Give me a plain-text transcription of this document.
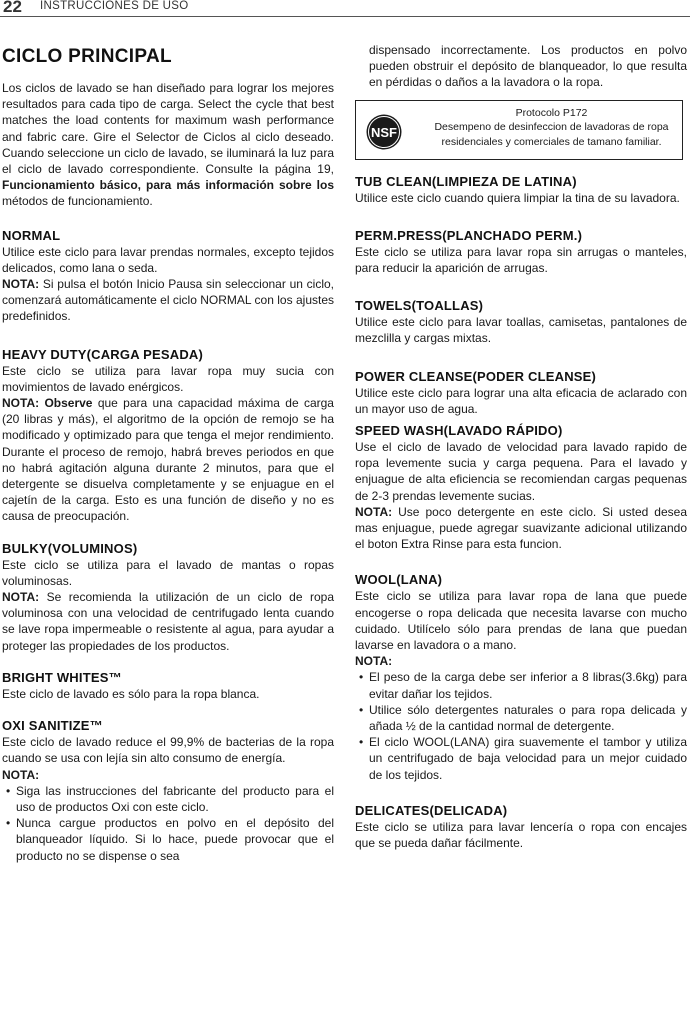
22 INSTRUCCIONES DE USO
CICLO PRINCIPAL

Los ciclos de lavado se han diseñado para lograr los mejores resultados para cada tipo de carga. Select the cycle that best matches the load contents for maximum wash performance and fabric care. Gire el Selector de Ciclos al ciclo deseado. Cuando seleccione un ciclo de lavado, se iluminará la luz para el ciclo de lavado correspondiente. Consulte la página 19, Funcionamiento básico, para más información sobre los métodos de funcionamiento.

NORMAL

Utilice este ciclo para lavar prendas normales, excepto tejidos delicados, como lana o seda.

NOTA: Si pulsa el botón Inicio Pausa sin seleccionar un ciclo, comenzará automáticamente el ciclo NORMAL con los ajustes predefinidos.

HEAVY DUTY(CARGA PESADA)

Este ciclo se utiliza para lavar ropa muy sucia con movimientos de lavado enérgicos.

NOTA: Observe que para una capacidad máxima de carga (20 libras y más), el algoritmo de la opción de remojo se ha modificado y optimizado para que tenga el mejor rendimiento. Durante el proceso de remojo, habrá breves periodos en que no habrá agitación alguna durante 2 minutos, para que el detergente se disuelva completamente y se enjuague en el cajetín de la carga. Esto es una función de diseño y no es causa de preocupación.

BULKY(VOLUMINOS)

Este ciclo se utiliza para el lavado de mantas o ropas voluminosas.

NOTA: Se recomienda la utilización de un ciclo de ropa voluminosa con una velocidad de centrifugado lenta cuando se lave ropa impermeable o resistente al agua, para ayudar a proteger las propiedades de los productos.

BRIGHT WHITES™

Este ciclo de lavado es sólo para la ropa blanca.

OXI SANITIZE™

Este ciclo de lavado reduce el 99,9% de bacterias de la ropa cuando se usa con lejía sin alto consumo de energía.

NOTA:

• Siga las instrucciones del fabricante del producto para el uso de productos Oxi con este ciclo.
• Nunca cargue productos en polvo en el depósito del blanqueador líquido. Si lo hace, puede provocar que el producto no se dispense o sea
dispensado incorrectamente. Los productos en polvo pueden obstruir el depósito de blanqueador, lo que resulta en pérdidas o daños a la lavadora o la ropa.
NSF
Protocolo P172
Desempeno de desinfeccion de lavadoras de ropa residenciales y comerciales de tamano familiar.
TUB CLEAN(LIMPIEZA DE LATINA)

Utilice este ciclo cuando quiera limpiar la tina de su lavadora.

PERM.PRESS(PLANCHADO PERM.)

Este ciclo se utiliza para lavar ropa sin arrugas o manteles, para reducir la aparición de arrugas.

TOWELS(TOALLAS)

Utilice este ciclo para lavar toallas, camisetas, pantalones de mezclilla y cargas mixtas.

POWER CLEANSE(PODER CLEANSE)

Utilice este ciclo para lograr una alta eficacia de aclarado con un mayor uso de agua.

SPEED WASH(LAVADO RÁPIDO)

Use el ciclo de lavado de velocidad para lavado rapido de ropa levemente sucia y carga pequena. Para el lavado y enjuague de alta eficiencia se recomiendan cargas pequenas de 2-3 prendas levemente sucias.

NOTA: Use poco detergente en este ciclo. Si usted desea mas enjuague, puede agregar suavizante adicional utilizando el boton Extra Rinse para esta funcion.

WOOL(LANA)

Este ciclo se utiliza para lavar ropa de lana que puede encogerse o ropa delicada que necesita lavarse con mucho cuidado. Utilícelo sólo para prendas de lana que puedan lavarse en lavadora o a mano.

NOTA:

• El peso de la carga debe ser inferior a 8 libras(3.6kg) para evitar dañar los tejidos.
• Utilice sólo detergentes naturales o para ropa delicada y añada ½ de la cantidad normal de detergente.
• El ciclo WOOL(LANA) gira suavemente el tambor y utiliza un centrifugado de baja velocidad para un mejor cuidado de los tejidos.
DELICATES(DELICADA)

Este ciclo se utiliza para lavar lencería o ropa con encajes que se pueda dañar fácilmente.
